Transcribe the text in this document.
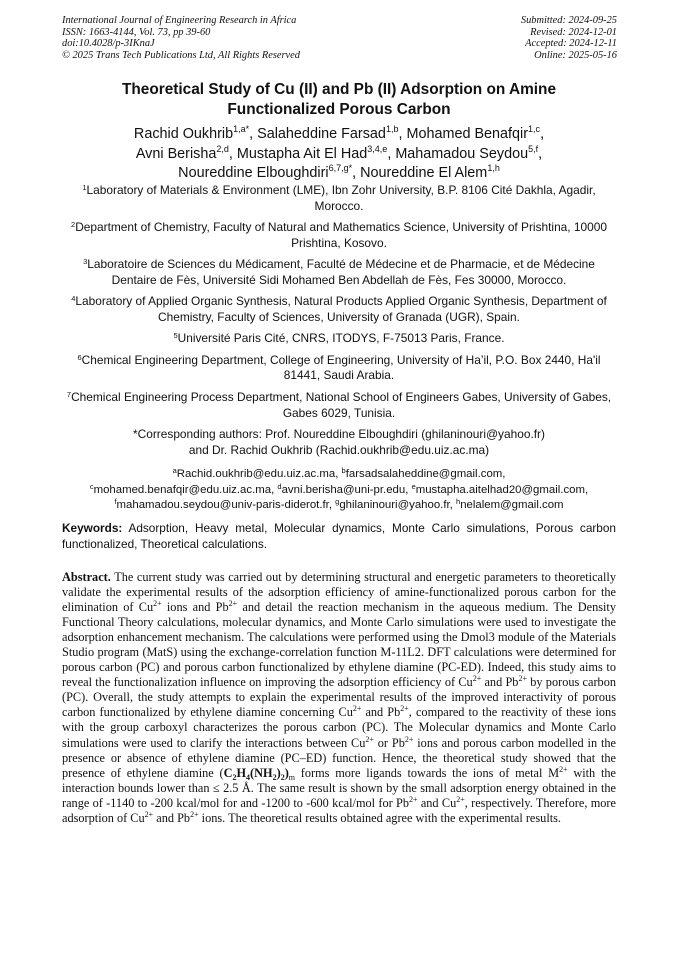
International Journal of Engineering Research in Africa
ISSN: 1663-4144, Vol. 73, pp 39-60
doi:10.4028/p-3IKnaJ
© 2025 Trans Tech Publications Ltd, All Rights Reserved
Submitted: 2024-09-25
Revised: 2024-12-01
Accepted: 2024-12-11
Online: 2025-05-16
Theoretical Study of Cu (II) and Pb (II) Adsorption on Amine Functionalized Porous Carbon
Rachid Oukhrib$^{1,a*}$, Salaheddine Farsad$^{1,b}$, Mohamed Benafqir$^{1,c}$,
Avni Berisha$^{2,d}$, Mustapha Ait El Had$^{3,4,e}$, Mahamadou Seydou$^{5,f}$,
Noureddine Elboughdiri$^{6,7,g*}$, Noureddine El Alem$^{1,h}$
$^1$Laboratory of Materials & Environment (LME), Ibn Zohr University, B.P. 8106 Cité Dakhla, Agadir, Morocco.
$^2$Department of Chemistry, Faculty of Natural and Mathematics Science, University of Prishtina, 10000 Prishtina, Kosovo.
$^3$Laboratoire de Sciences du Médicament, Faculté de Médecine et de Pharmacie, et de Médecine Dentaire de Fès, Université Sidi Mohamed Ben Abdellah de Fès, Fes 30000, Morocco.
$^4$Laboratory of Applied Organic Synthesis, Natural Products Applied Organic Synthesis, Department of Chemistry, Faculty of Sciences, University of Granada (UGR), Spain.
$^5$Université Paris Cité, CNRS, ITODYS, F-75013 Paris, France.
$^6$Chemical Engineering Department, College of Engineering, University of Ha’il, P.O. Box 2440, Ha'il 81441, Saudi Arabia.
$^7$Chemical Engineering Process Department, National School of Engineers Gabes, University of Gabes, Gabes 6029, Tunisia.
*Corresponding authors: Prof. Noureddine Elboughdiri (ghilaninouri@yahoo.fr)
and Dr. Rachid Oukhrib (Rachid.oukhrib@edu.uiz.ac.ma)
$^a$Rachid.oukhrib@edu.uiz.ac.ma, $^b$farsadsalaheddine@gmail.com,
$^c$mohamed.benafqir@edu.uiz.ac.ma, $^d$avni.berisha@uni-pr.edu, $^e$mustapha.aitelhad20@gmail.com,
$^f$mahamadou.seydou@univ-paris-diderot.fr, $^g$ghilaninouri@yahoo.fr, $^h$nelalem@gmail.com
Keywords: Adsorption, Heavy metal, Molecular dynamics, Monte Carlo simulations, Porous carbon functionalized, Theoretical calculations.
Abstract. The current study was carried out by determining structural and energetic parameters to theoretically validate the experimental results of the adsorption efficiency of amine-functionalized porous carbon for the elimination of $Cu^{2+}$ ions and $Pb^{2+}$ and detail the reaction mechanism in the aqueous medium. The Density Functional Theory calculations, molecular dynamics, and Monte Carlo simulations were used to investigate the adsorption enhancement mechanism. The calculations were performed using the Dmol3 module of the Materials Studio program (MatS) using the exchange-correlation function M-11L2. DFT calculations were determined for porous carbon (PC) and porous carbon functionalized by ethylene diamine (PC-ED). Indeed, this study aims to reveal the functionalization influence on improving the adsorption efficiency of $Cu^{2+}$ and $Pb^{2+}$ by porous carbon (PC). Overall, the study attempts to explain the experimental results of the improved interactivity of porous carbon functionalized by ethylene diamine concerning $Cu^{2+}$ and $Pb^{2+}$, compared to the reactivity of these ions with the group carboxyl characterizes the porous carbon (PC). The Molecular dynamics and Monte Carlo simulations were used to clarify the interactions between $Cu^{2+}$ or $Pb^{2+}$ ions and porous carbon modelled in the presence or absence of ethylene diamine (PC–ED) function. Hence, the theoretical study showed that the presence of ethylene diamine $(C_2H_4(NH_2)_2)_m$ forms more ligands towards the ions of metal $M^{2+}$ with the interaction bounds lower than ≤ 2.5 Å. The same result is shown by the small adsorption energy obtained in the range of -1140 to -200 kcal/mol for and -1200 to -600 kcal/mol for $Pb^{2+}$ and $Cu^{2+}$, respectively. Therefore, more adsorption of $Cu^{2+}$ and $Pb^{2+}$ ions. The theoretical results obtained agree with the experimental results.
